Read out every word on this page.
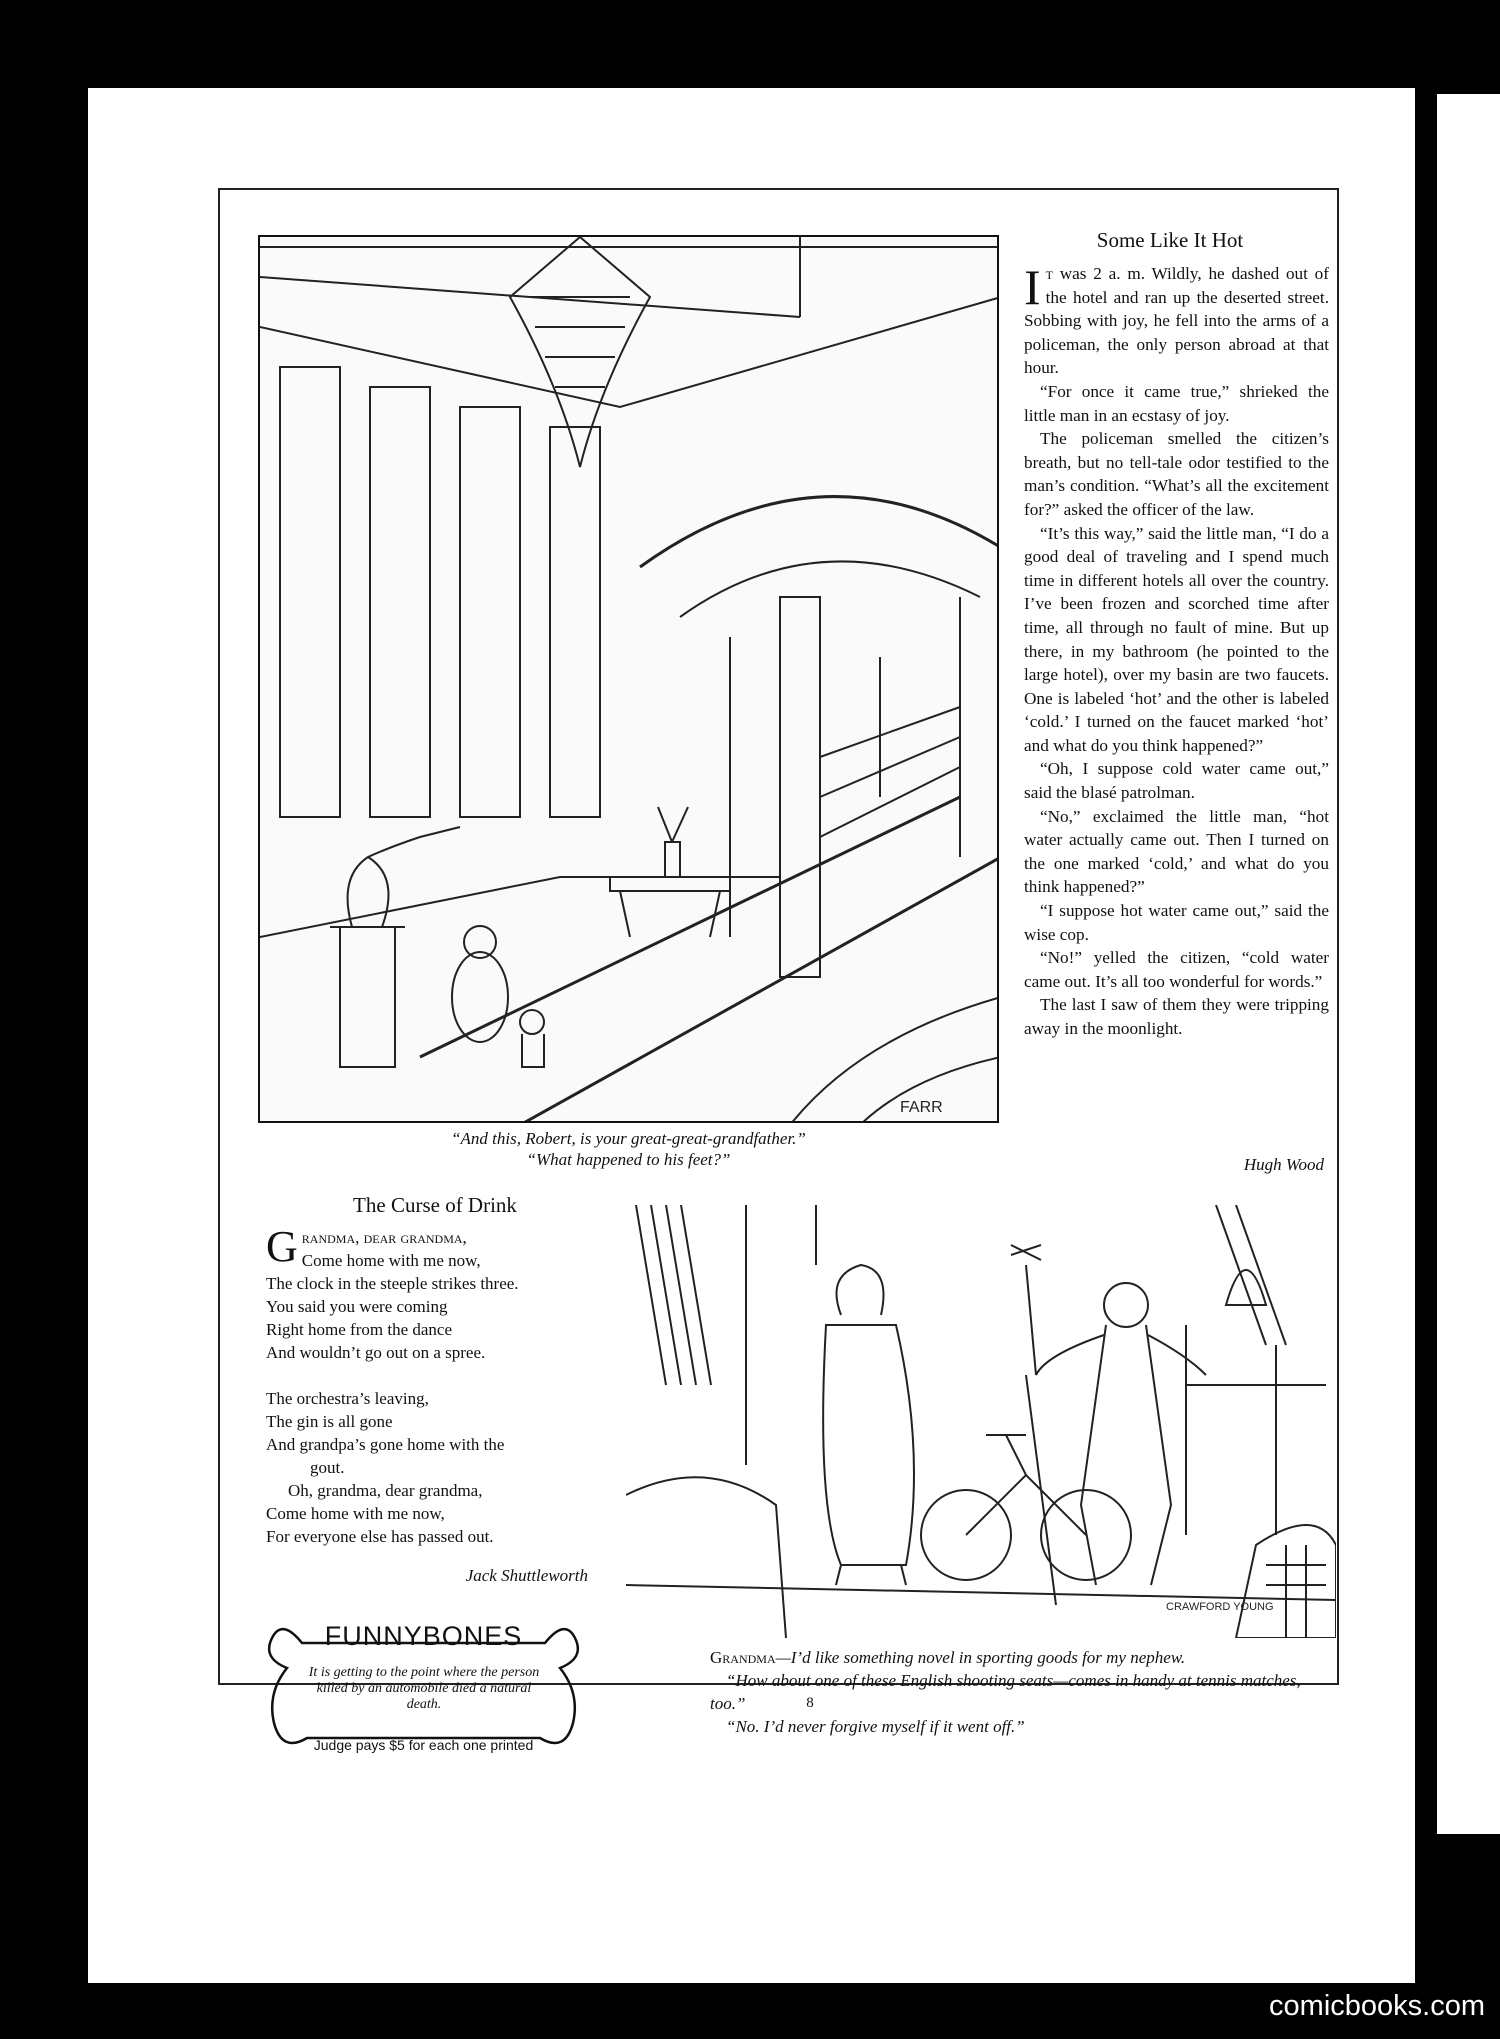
FARR
“And this, Robert, is your great-great-grandfather.”
“What happened to his feet?”
Some Like It Hot

It was 2 a. m. Wildly, he dashed out of the hotel and ran up the deserted street. Sobbing with joy, he fell into the arms of a policeman, the only person abroad at that hour.

“For once it came true,” shrieked the little man in an ecstasy of joy.

The policeman smelled the citizen’s breath, but no tell-tale odor testified to the man’s condition. “What’s all the excitement for?” asked the officer of the law.

“It’s this way,” said the little man, “I do a good deal of traveling and I spend much time in different hotels all over the country. I’ve been frozen and scorched time after time, all through no fault of mine. But up there, in my bathroom (he pointed to the large hotel), over my basin are two faucets. One is labeled ‘hot’ and the other is labeled ‘cold.’ I turned on the faucet marked ‘hot’ and what do you think happened?”

“Oh, I suppose cold water came out,” said the blasé patrolman.

“No,” exclaimed the little man, “hot water actually came out. Then I turned on the one marked ‘cold,’ and what do you think happened?”

“I suppose hot water came out,” said the wise cop.

“No!” yelled the citizen, “cold water came out. It’s all too wonderful for words.”

The last I saw of them they were tripping away in the moonlight.

Hugh Wood
The Curse of Drink
Grandma, dear grandma,
Come home with me now,
The clock in the steeple strikes three.
You said you were coming
Right home from the dance
And wouldn’t go out on a spree.
The orchestra’s leaving,
The gin is all gone
And grandpa’s gone home with the
gout.
Oh, grandma, dear grandma,
Come home with me now,
For everyone else has passed out.
Jack Shuttleworth
FUNNYBONES
It is getting to the point where the person killed by an automobile died a natural death.
Judge pays $5 for each one printed
CRAWFORD YOUNG

Grandma—I’d like something novel in sporting goods for my nephew.

“How about one of these English shooting seats—comes in handy at tennis matches, too.”

“No. I’d never forgive myself if it went off.”

8
comicbooks.com
